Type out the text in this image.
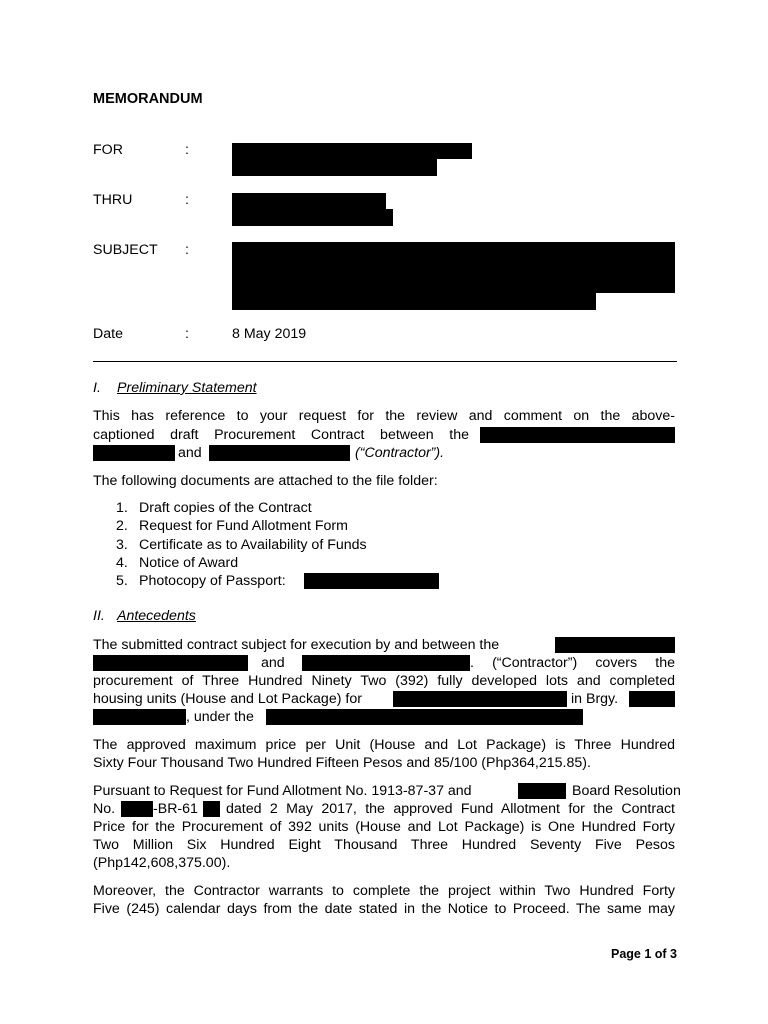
MEMORANDUM
FOR	:
THRU	:
SUBJECT :
Date	:	8 May 2019
I. Preliminary Statement
This has reference to your request for the review and comment on the above-
captioned draft Procurement Contract between the
and	(“Contractor”).
The following documents are attached to the file folder:
1. Draft copies of the Contract
2. Request for Fund Allotment Form
3. Certificate as to Availability of Funds
4. Notice of Award
5. Photocopy of Passport:
II. Antecedents
The submitted contract subject for execution by and between the
and	. (“Contractor”) covers the
procurement of Three Hundred Ninety Two (392) fully developed lots and completed
housing units (House and Lot Package) for	in Brgy.
, under the
The approved maximum price per Unit (House and Lot Package) is Three Hundred
Sixty Four Thousand Two Hundred Fifteen Pesos and 85/100 (Php364,215.85).
Pursuant to Request for Fund Allotment No. 1913-87-37 and	Board Resolution
No.	-BR-61 dated 2 May 2017, the approved Fund Allotment for the Contract
Price for the Procurement of 392 units (House and Lot Package) is One Hundred Forty
Two Million Six Hundred Eight Thousand Three Hundred Seventy Five Pesos
(Php142,608,375.00).
Moreover, the Contractor warrants to complete the project within Two Hundred Forty
Five (245) calendar days from the date stated in the Notice to Proceed. The same may
Page 1 of 3
